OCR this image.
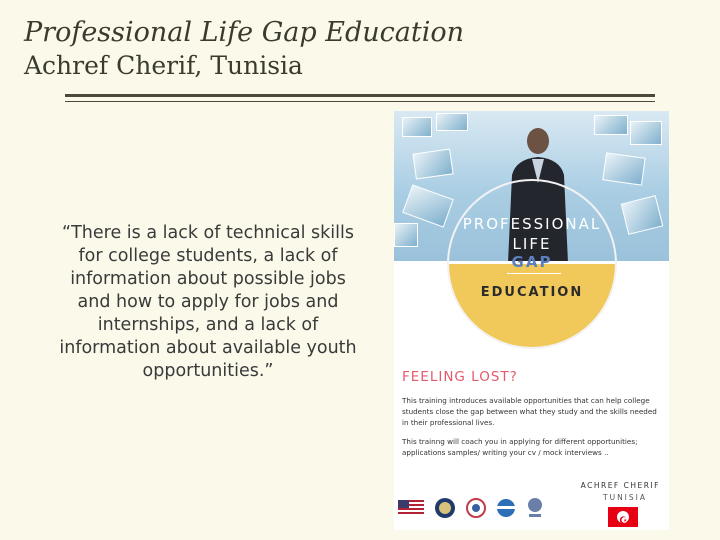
Professional Life Gap Education
Achref Cherif, Tunisia
“There is a lack of technical skills for college students, a lack of information about possible jobs and how to apply for jobs and internships, and a lack of information about available youth opportunities.”
PROFESSIONAL
LIFE
GAP
EDUCATION
FEELING LOST?
This training introduces available opportunities that can help college students close the gap between what they study and the skills needed in their professional lives.
This trainng will coach you in applying for different opportunities; applications samples/ writing your cv / mock interviews ..
ACHREF CHERIF
TUNISIA
